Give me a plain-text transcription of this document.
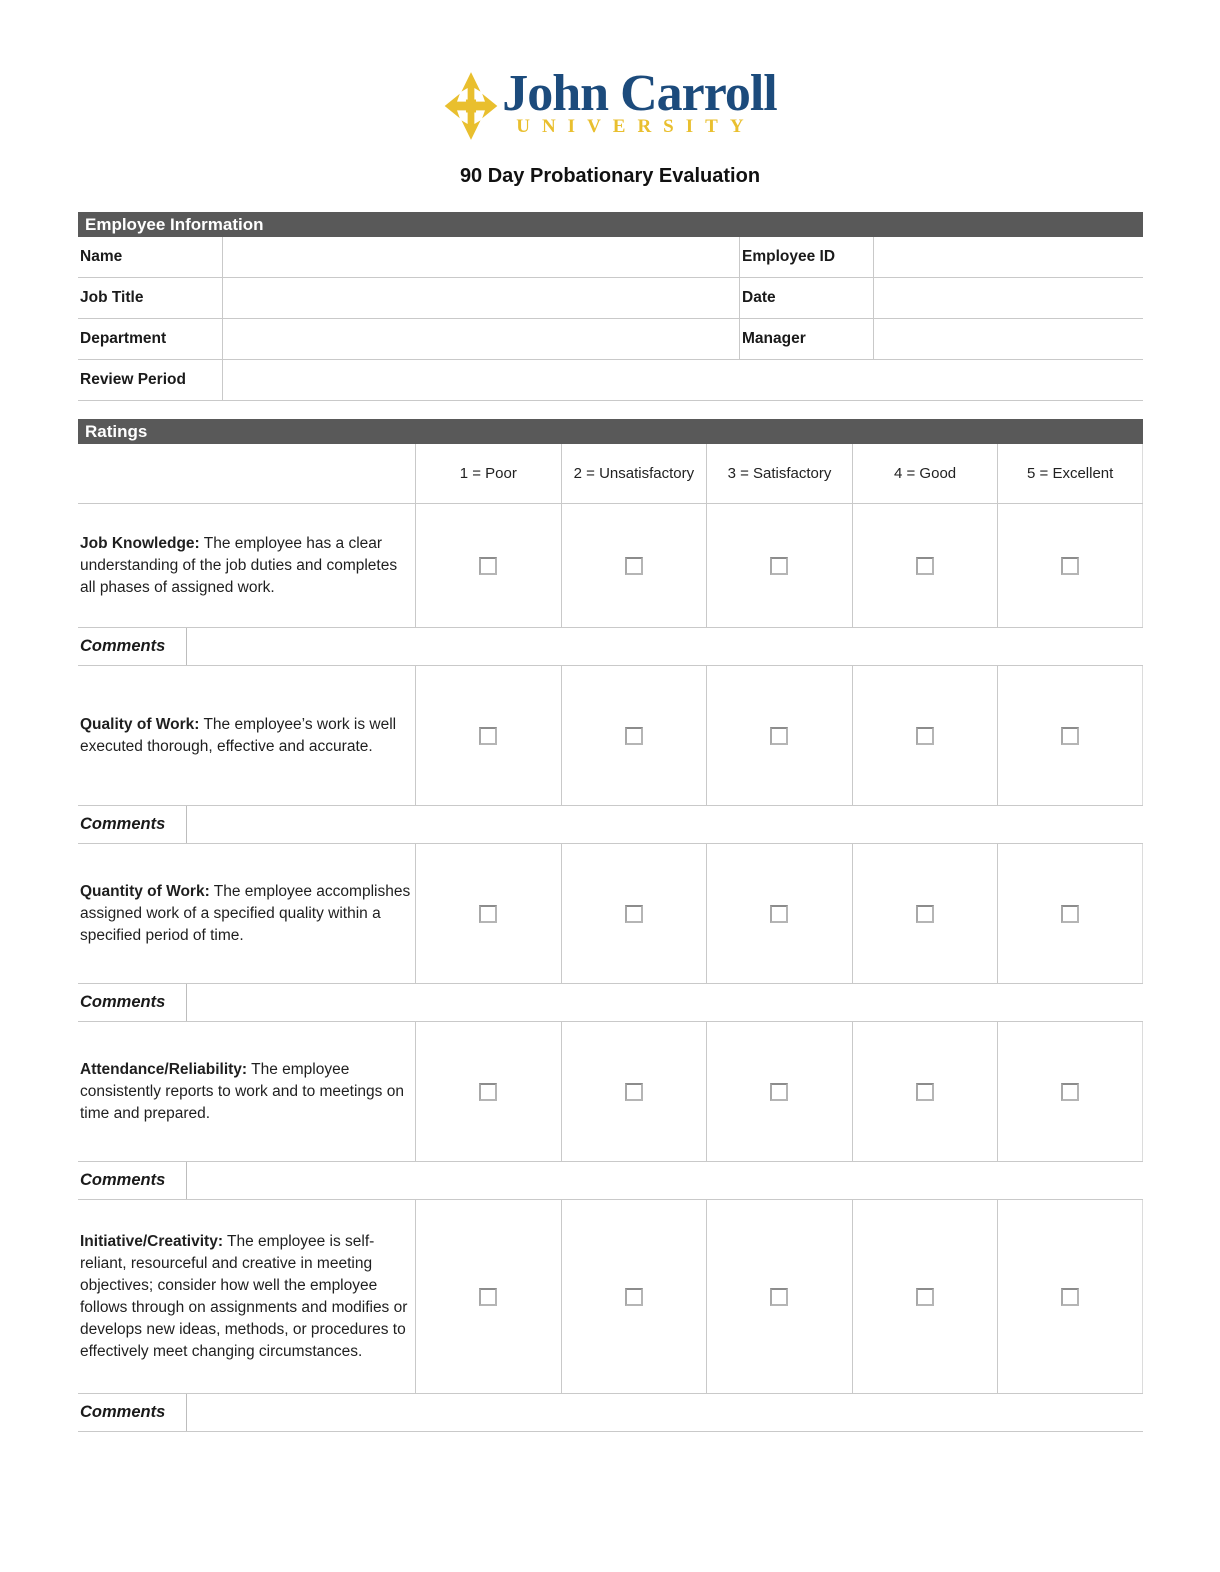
John Carroll
UNIVERSITY
90 Day Probationary Evaluation
Employee Information
Name	Employee ID
Job Title	Date
Department	Manager
Review Period
Ratings
1 = Poor	2 = Unsatisfactory	3 = Satisfactory	4 = Good	5 = Excellent

Job Knowledge: The employee has a clear understanding of the job duties and completes all phases of assigned work.

Comments

Quality of Work: The employee’s work is well executed thorough, effective and accurate.

Comments

Quantity of Work: The employee accomplishes assigned work of a specified quality within a specified period of time.

Comments

Attendance/Reliability: The employee consistently reports to work and to meetings on time and prepared.

Comments

Initiative/Creativity: The employee is self-reliant, resourceful and creative in meeting objectives; consider how well the employee follows through on assignments and modifies or develops new ideas, methods, or procedures to effectively meet changing circumstances.

Comments
